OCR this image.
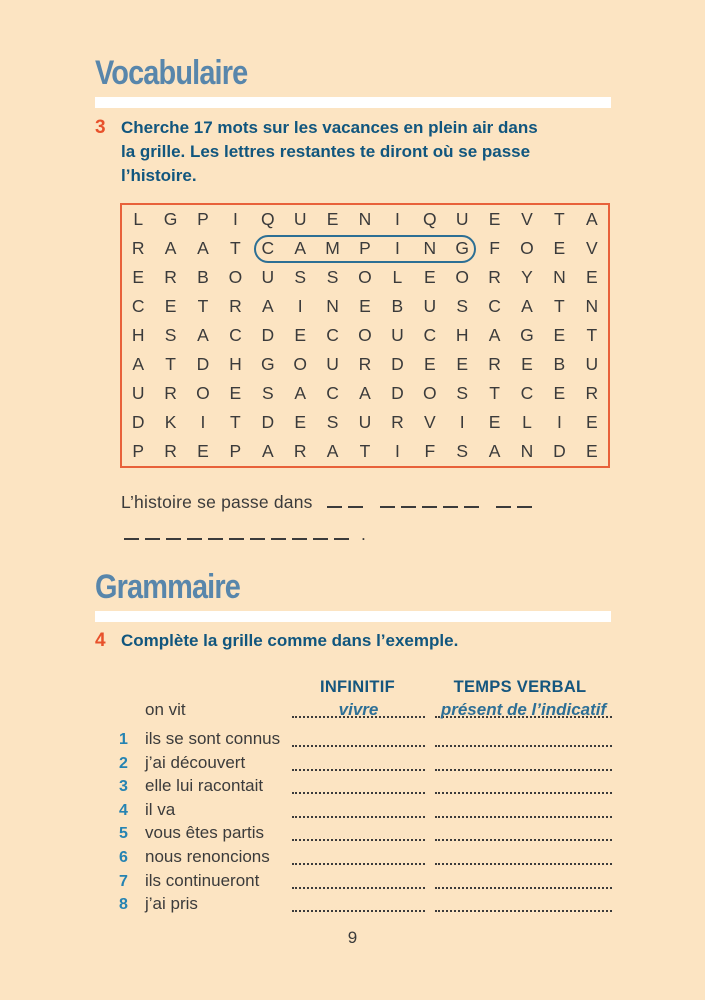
Vocabulaire
3 Cherche 17 mots sur les vacances en plein air dans
la grille. Les lettres restantes te diront où se passe
l’histoire.
L	G	P	I	Q	U	E	N	I	Q	U	E	V	T	A
R	A	A	T	C	A	M	P	I	N	G	F	O	E	V
E	R	B	O	U	S	S	O	L	E	O	R	Y	N	E
C	E	T	R	A	I	N	E	B	U	S	C	A	T	N
H	S	A	C	D	E	C	O	U	C	H	A	G	E	T
A	T	D	H	G	O	U	R	D	E	E	R	E	B	U
U	R	O	E	S	A	C	A	D	O	S	T	C	E	R
D	K	I	T	D	E	S	U	R	V	I	E	L	I	E
P	R	E	P	A	R	A	T	I	F	S	A	N	D	E
L’histoire se passe dans
.
Grammaire
4 Complète la grille comme dans l’exemple.
INFINITIF	TEMPS VERBAL
on vit	vivre	présent de l’indicatif
1 ils se sont connus
2 j’ai découvert
3 elle lui racontait
4 il va
5 vous êtes partis
6 nous renoncions
7 ils continueront
8 j’ai pris
9
